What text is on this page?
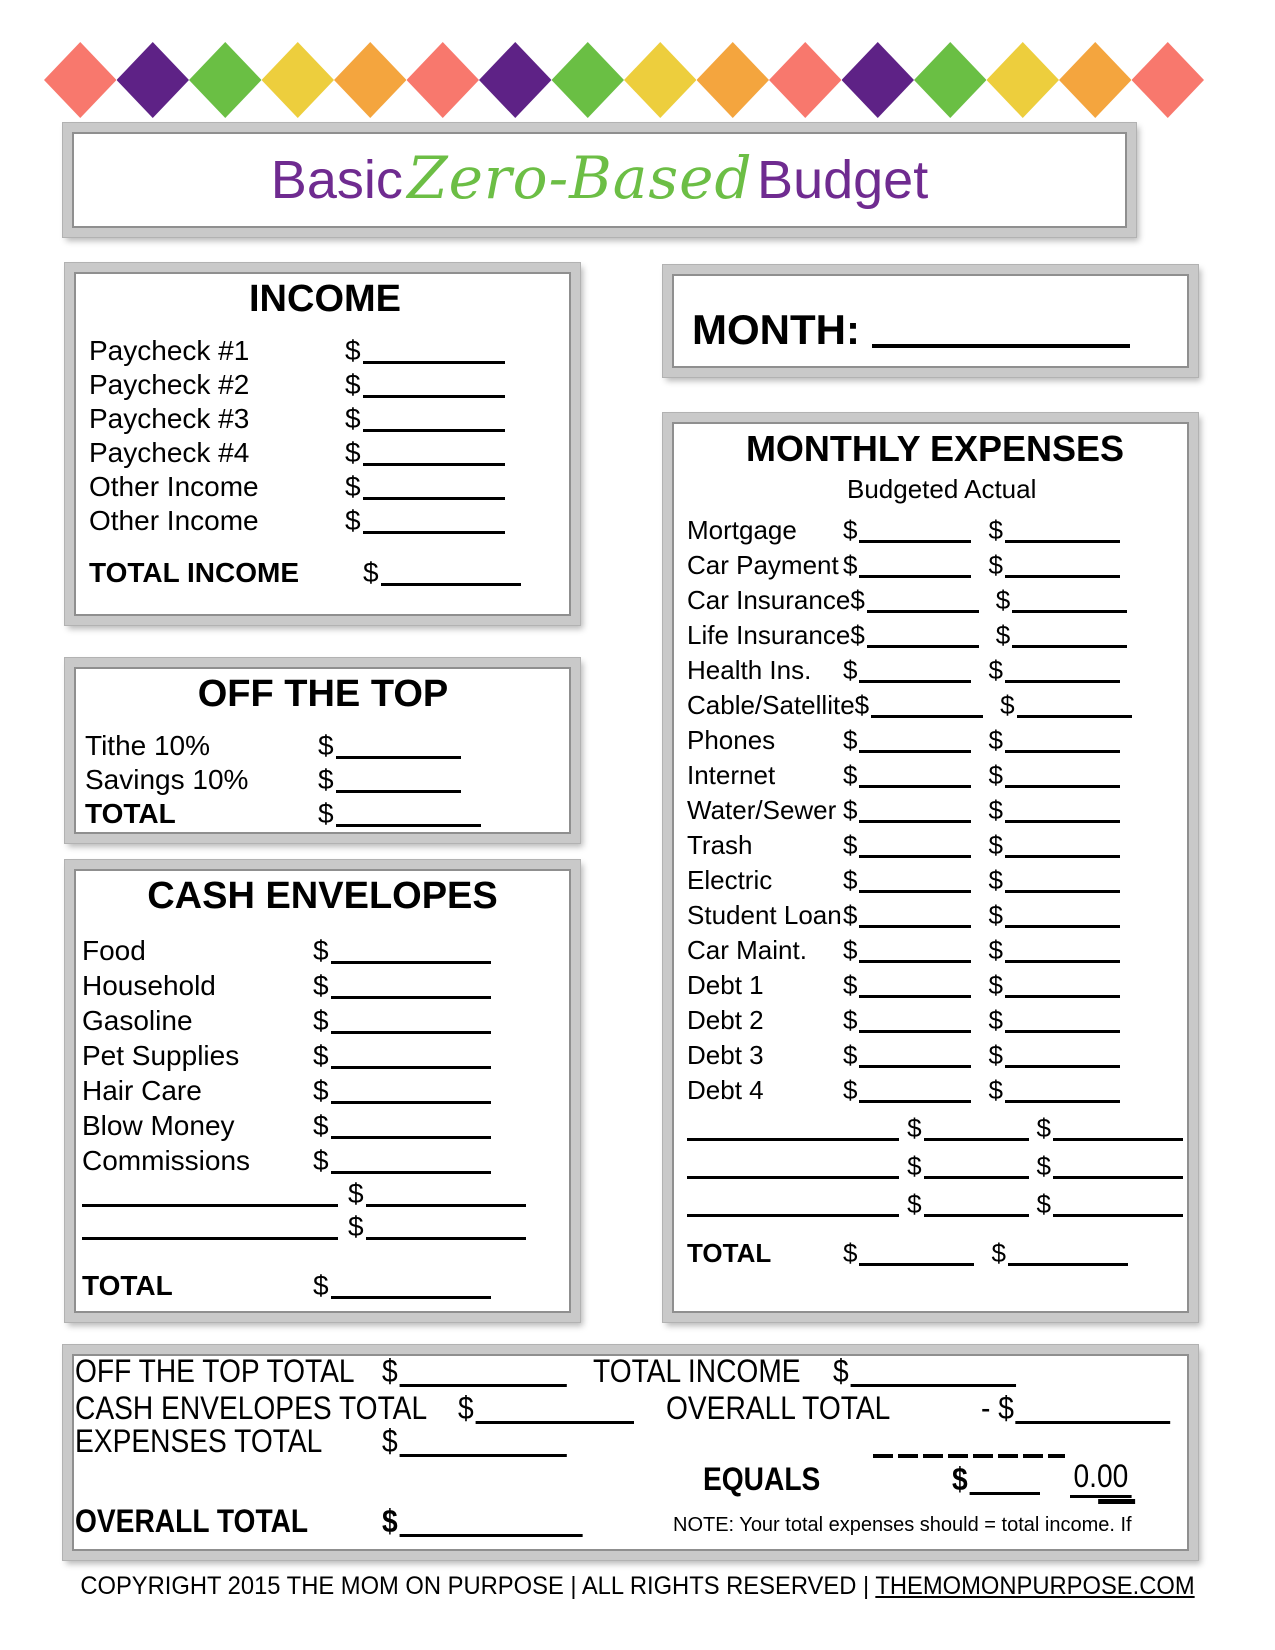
Basic Zero-Based Budget
INCOME
Paycheck #1	$
Paycheck #2	$
Paycheck #3	$
Paycheck #4	$
Other Income	$
Other Income	$
TOTAL INCOME	$
MONTH:
MONTHLY EXPENSES
Budgeted Actual
Mortgage	$	$
Car Payment $	$
Car Insurance $	$
Life Insurance $	$
Health Ins.	$	$
Cable/Satellite $	$
Phones	$	$
Internet	$	$
Water/Sewer $	$
Trash	$	$
Electric	$	$
Student Loan $	$
Car Maint.	$	$
Debt 1	$	$
Debt 2	$	$
Debt 3	$	$
Debt 4	$	$
$	$
$	$
$	$
TOTAL	$	$
OFF THE TOP
Tithe 10%	$
Savings 10%	$
TOTAL	$
CASH ENVELOPES
Food	$
Household	$
Gasoline	$
Pet Supplies	$
Hair Care	$
Blow Money	$
Commissions	$
$
$
TOTAL	$
OFF THE TOP TOTAL $	TOTAL INCOME $
CASH ENVELOPES TOTAL $	OVERALL TOTAL	- $
EXPENSES TOTAL $
EQUALS	$	0.00
OVERALL TOTAL $	NOTE: Your total expenses should = total income. If
COPYRIGHT 2015 THE MOM ON PURPOSE | ALL RIGHTS RESERVED | THEMOMONPURPOSE.COM
